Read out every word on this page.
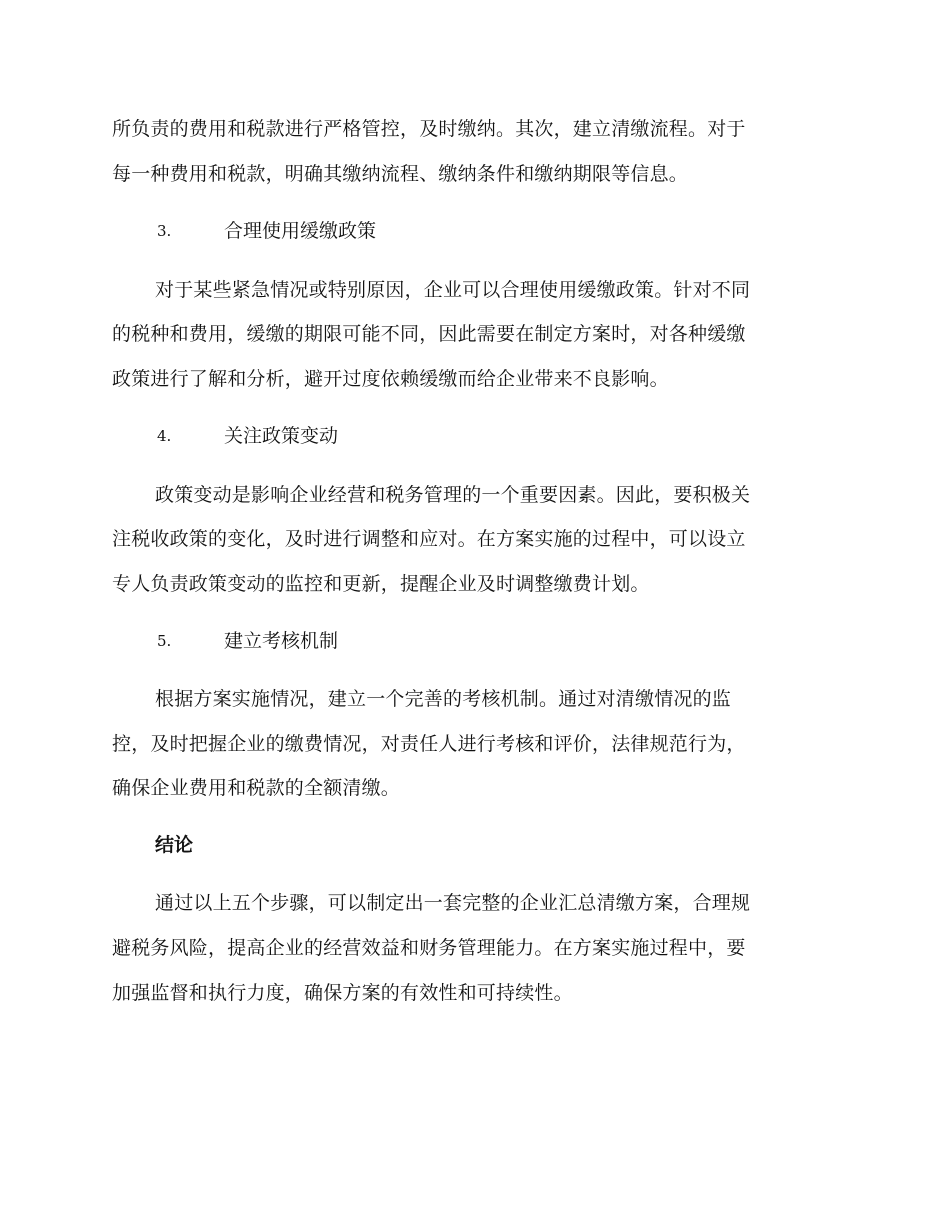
所负责的费用和税款进行严格管控，及时缴纳。其次，建立清缴流程。对于
每一种费用和税款，明确其缴纳流程、缴纳条件和缴纳期限等信息。
3.	合理使用缓缴政策
对于某些紧急情况或特别原因，企业可以合理使用缓缴政策。针对不同
的税种和费用，缓缴的期限可能不同，因此需要在制定方案时，对各种缓缴
政策进行了解和分析，避开过度依赖缓缴而给企业带来不良影响。
4.	关注政策变动
政策变动是影响企业经营和税务管理的一个重要因素。因此，要积极关
注税收政策的变化，及时进行调整和应对。在方案实施的过程中，可以设立
专人负责政策变动的监控和更新，提醒企业及时调整缴费计划。
5.	建立考核机制
根据方案实施情况，建立一个完善的考核机制。通过对清缴情况的监
控，及时把握企业的缴费情况，对责任人进行考核和评价，法律规范行为，
确保企业费用和税款的全额清缴。
结论
通过以上五个步骤，可以制定出一套完整的企业汇总清缴方案，合理规
避税务风险，提高企业的经营效益和财务管理能力。在方案实施过程中，要
加强监督和执行力度，确保方案的有效性和可持续性。
